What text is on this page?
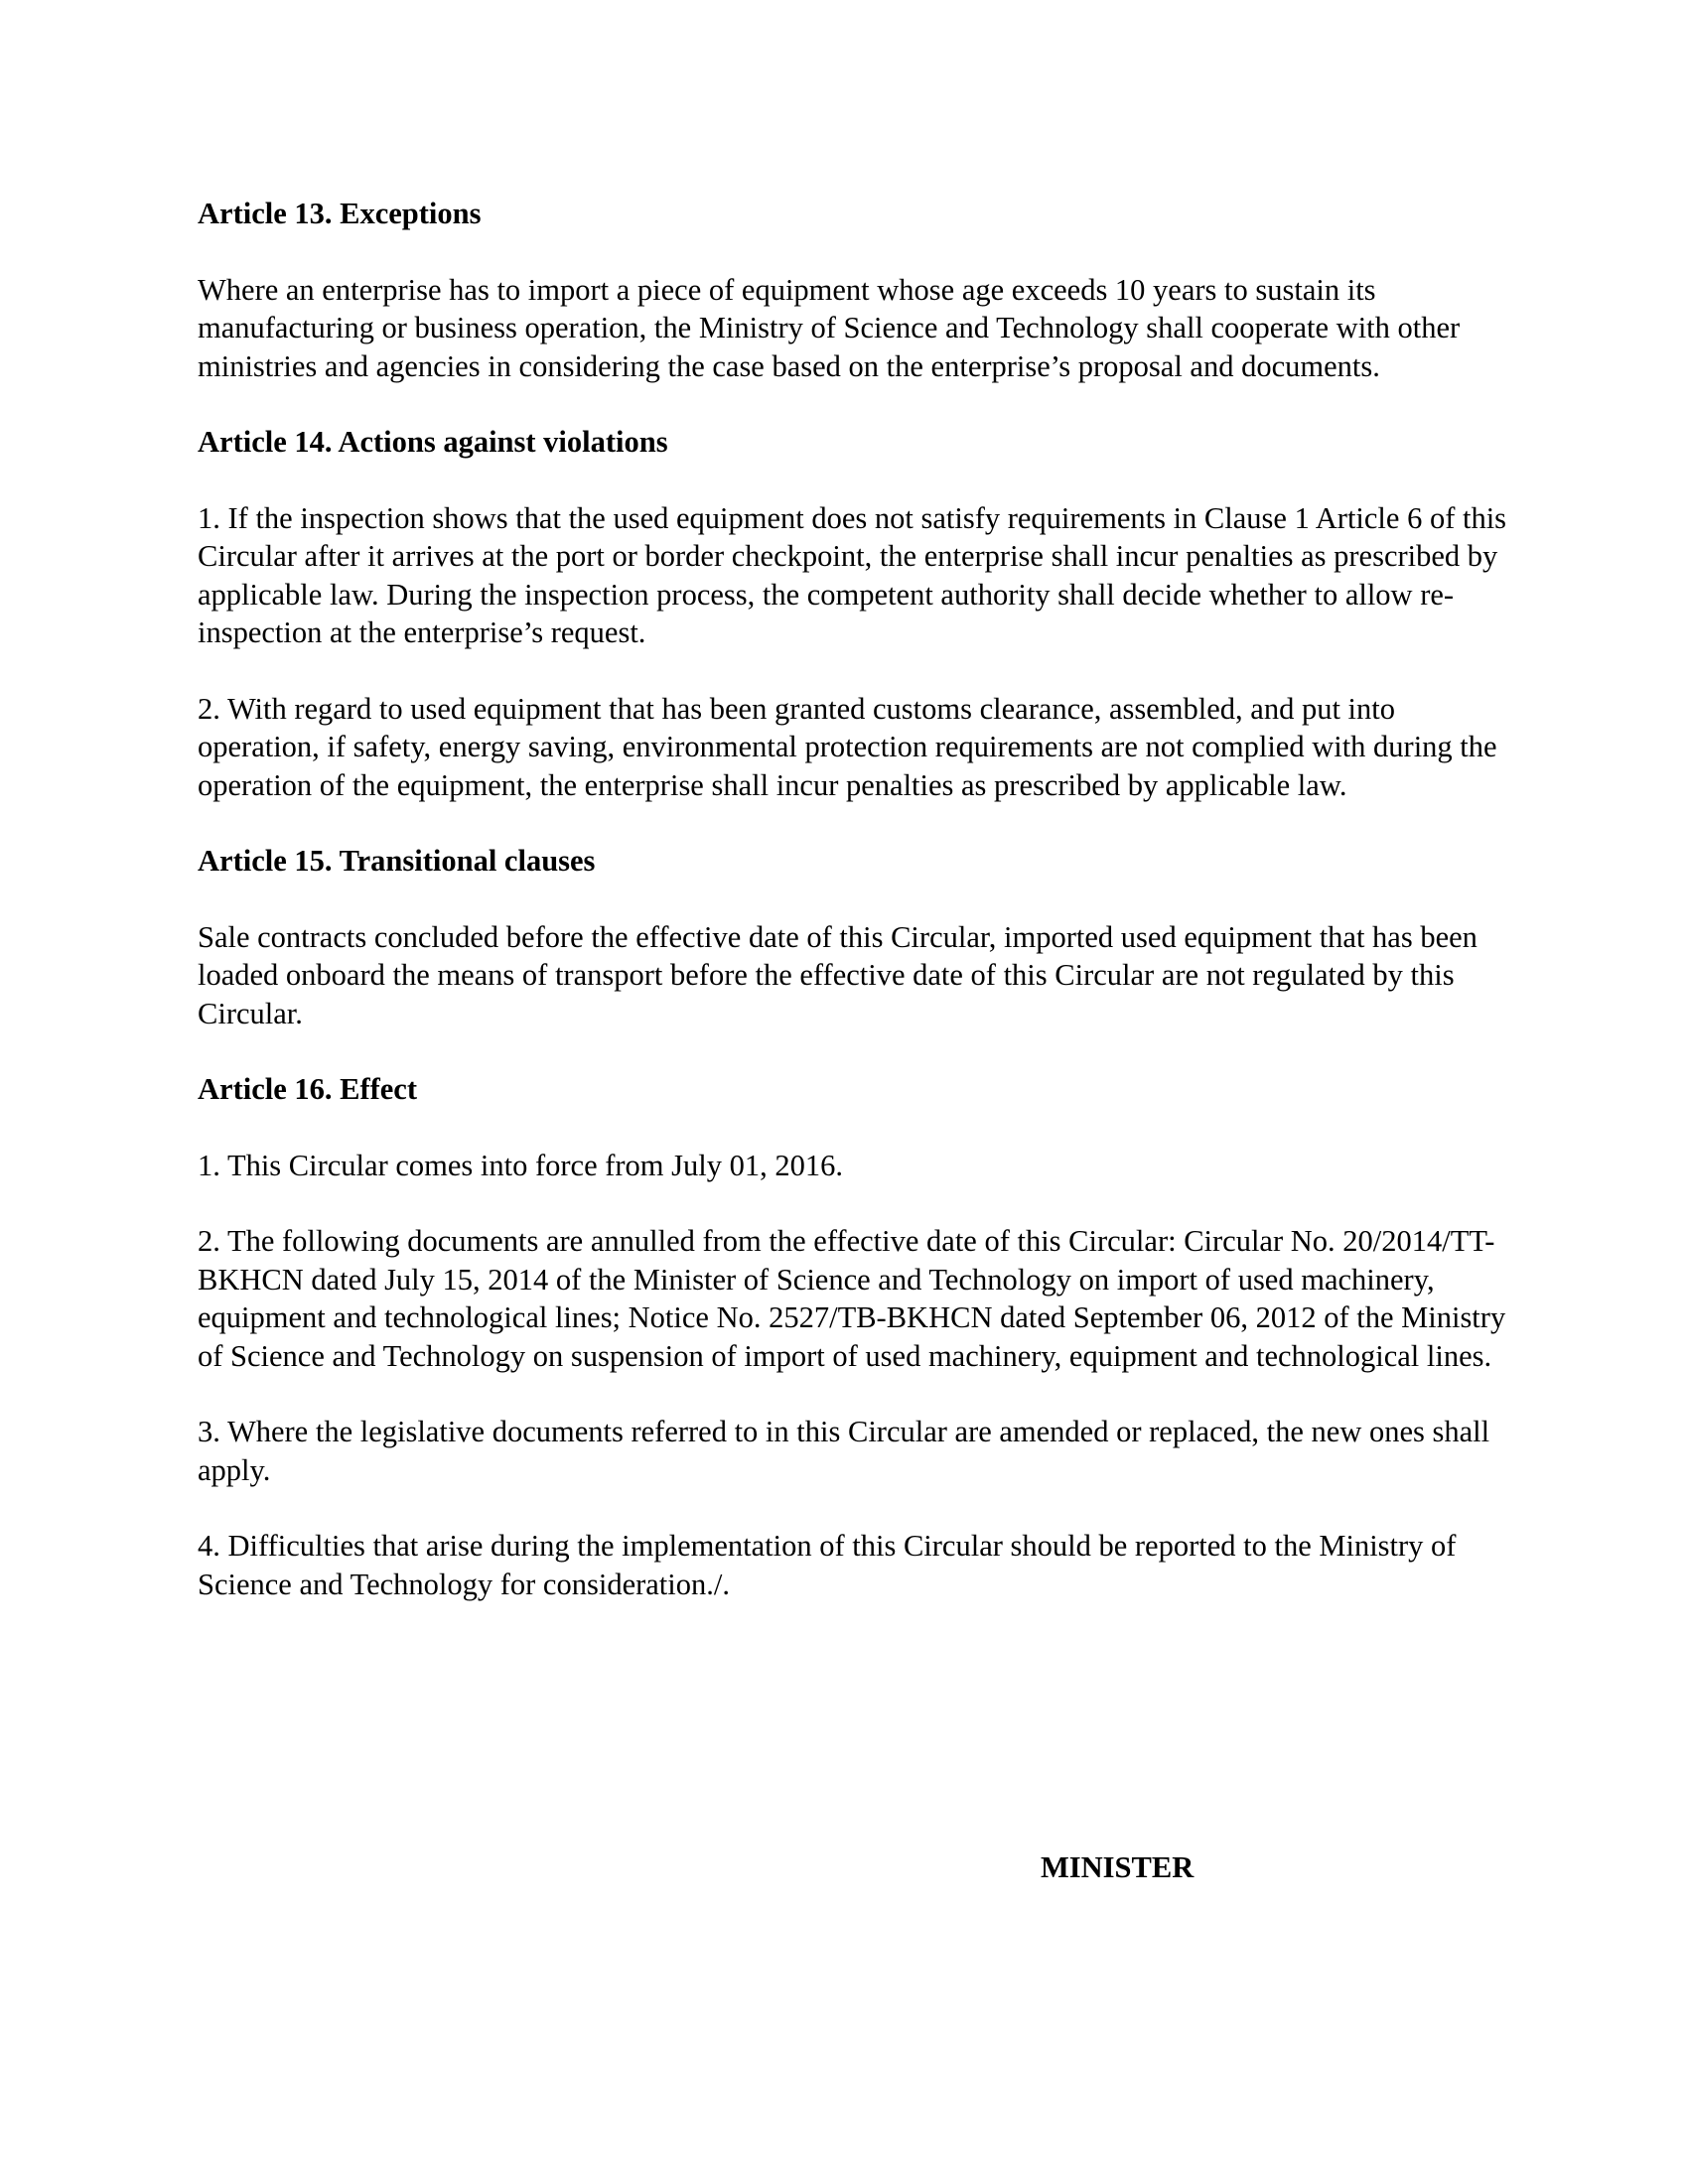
Article 13. Exceptions

Where an enterprise has to import a piece of equipment whose age exceeds 10 years to sustain its manufacturing or business operation, the Ministry of Science and Technology shall cooperate with other ministries and agencies in considering the case based on the enterprise’s proposal and documents.

Article 14. Actions against violations

1. If the inspection shows that the used equipment does not satisfy requirements in Clause 1 Article 6 of this Circular after it arrives at the port or border checkpoint, the enterprise shall incur penalties as prescribed by applicable law. During the inspection process, the competent authority shall decide whether to allow re-inspection at the enterprise’s request.

2. With regard to used equipment that has been granted customs clearance, assembled, and put into operation, if safety, energy saving, environmental protection requirements are not complied with during the operation of the equipment, the enterprise shall incur penalties as prescribed by applicable law.

Article 15. Transitional clauses

Sale contracts concluded before the effective date of this Circular, imported used equipment that has been loaded onboard the means of transport before the effective date of this Circular are not regulated by this Circular.

Article 16. Effect

1. This Circular comes into force from July 01, 2016.

2. The following documents are annulled from the effective date of this Circular: Circular No. 20/2014/TT-BKHCN dated July 15, 2014 of the Minister of Science and Technology on import of used machinery, equipment and technological lines; Notice No. 2527/TB-BKHCN dated September 06, 2012 of the Ministry of Science and Technology on suspension of import of used machinery, equipment and technological lines.

3. Where the legislative documents referred to in this Circular are amended or replaced, the new ones shall apply.

4. Difficulties that arise during the implementation of this Circular should be reported to the Ministry of Science and Technology for consideration./.

MINISTER
